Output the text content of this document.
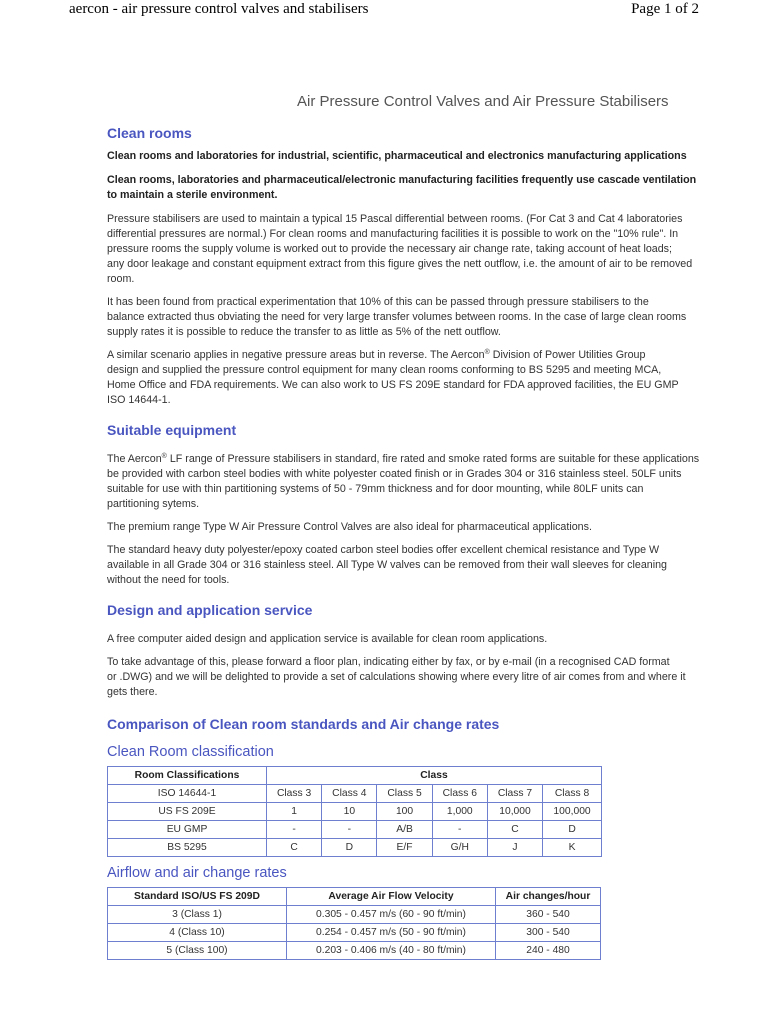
aercon - air pressure control valves and stabilisers	Page 1 of 2
Air Pressure Control Valves and Air Pressure Stabilisers
Clean rooms

Clean rooms and laboratories for industrial, scientific, pharmaceutical and electronics manufacturing applications

Clean rooms, laboratories and pharmaceutical/electronic manufacturing facilities frequently use cascade ventilation

to maintain a sterile environment.

Pressure stabilisers are used to maintain a typical 15 Pascal differential between rooms. (For Cat 3 and Cat 4 laboratories

differential pressures are normal.) For clean rooms and manufacturing facilities it is possible to work on the "10% rule". In

pressure rooms the supply volume is worked out to provide the necessary air change rate, taking account of heat loads;

any door leakage and constant equipment extract from this figure gives the nett outflow, i.e. the amount of air to be removed

room.

It has been found from practical experimentation that 10% of this can be passed through pressure stabilisers to the

balance extracted thus obviating the need for very large transfer volumes between rooms. In the case of large clean rooms

supply rates it is possible to reduce the transfer to as little as 5% of the nett outflow.

A similar scenario applies in negative pressure areas but in reverse. The Aercon® Division of Power Utilities Group

design and supplied the pressure control equipment for many clean rooms conforming to BS 5295 and meeting MCA,

Home Office and FDA requirements. We can also work to US FS 209E standard for FDA approved facilities, the EU GMP

ISO 14644-1.

Suitable equipment

The Aercon® LF range of Pressure stabilisers in standard, fire rated and smoke rated forms are suitable for these applications

be provided with carbon steel bodies with white polyester coated finish or in Grades 304 or 316 stainless steel. 50LF units

suitable for use with thin partitioning systems of 50 - 79mm thickness and for door mounting, while 80LF units can

partitioning sytems.

The premium range Type W Air Pressure Control Valves are also ideal for pharmaceutical applications.

The standard heavy duty polyester/epoxy coated carbon steel bodies offer excellent chemical resistance and Type W

available in all Grade 304 or 316 stainless steel. All Type W valves can be removed from their wall sleeves for cleaning

without the need for tools.

Design and application service

A free computer aided design and application service is available for clean room applications.

To take advantage of this, please forward a floor plan, indicating either by fax, or by e-mail (in a recognised CAD format

or .DWG) and we will be delighted to provide a set of calculations showing where every litre of air comes from and where it

gets there.

Comparison of Clean room standards and Air change rates
Clean Room classification
Room Classifications	Class					
ISO 14644-1	Class 3	Class 4	Class 5	Class 6	Class 7	Class 8
US FS 209E	1	10	100	1,000	10,000	100,000
EU GMP	-	-	A/B	-	C	D
BS 5295	C	D	E/F	G/H	J	K
Airflow and air change rates
Standard ISO/US FS 209D	Average Air Flow Velocity	Air changes/hour
3 (Class 1)	0.305 - 0.457 m/s (60 - 90 ft/min)	360 - 540
4 (Class 10)	0.254 - 0.457 m/s (50 - 90 ft/min)	300 - 540
5 (Class 100)	0.203 - 0.406 m/s (40 - 80 ft/min)	240 - 480
